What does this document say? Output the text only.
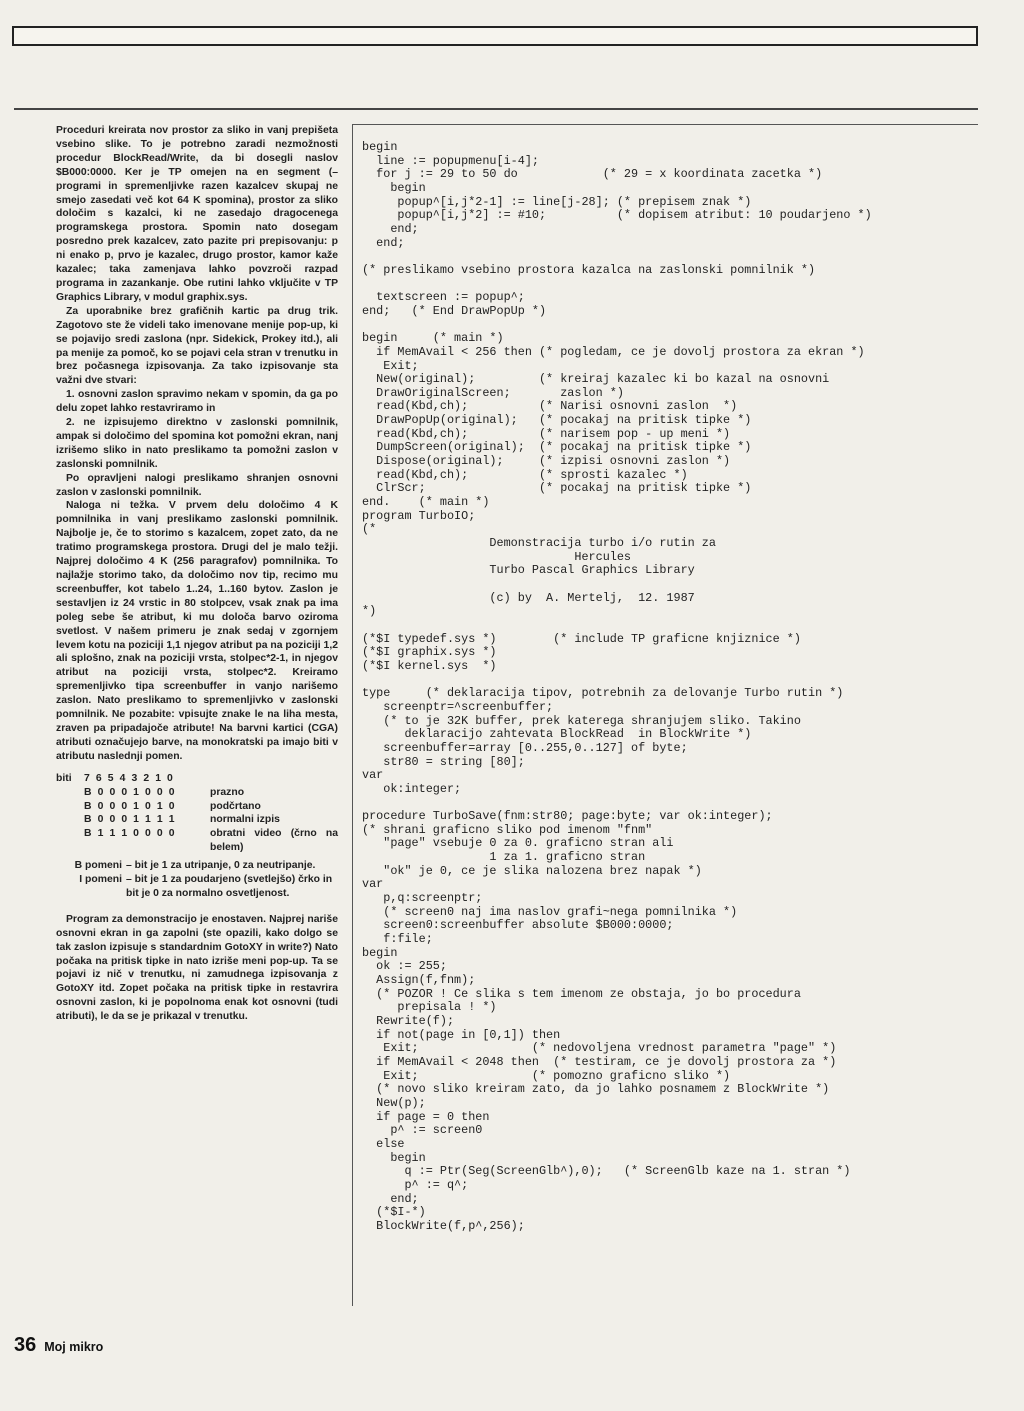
Proceduri kreirata nov prostor za sliko in vanj prepišeta vsebino slike. To je potrebno zaradi nezmožnosti procedur BlockRead/Write, da bi dosegli naslov $B000:0000. Ker je TP omejen na en segment (– programi in spremenljivke razen kazalcev skupaj ne smejo zasedati več kot 64 K spomina), prostor za sliko določim s kazalci, ki ne zasedajo dragocenega programskega prostora. Spomin nato dosegam posredno prek kazalcev, zato pazite pri prepisovanju: p ni enako p, prvo je kazalec, drugo prostor, kamor kaže kazalec; taka zamenjava lahko povzroči razpad programa in zazankanje. Obe rutini lahko vključite v TP Graphics Library, v modul graphix.sys.

Za uporabnike brez grafičnih kartic pa drug trik. Zagotovo ste že videli tako imenovane menije pop-up, ki se pojavijo sredi zaslona (npr. Sidekick, Prokey itd.), ali pa menije za pomoč, ko se pojavi cela stran v trenutku in brez počasnega izpisovanja. Za tako izpisovanje sta važni dve stvari:

1. osnovni zaslon spravimo nekam v spomin, da ga po delu zopet lahko restavriramo in

2. ne izpisujemo direktno v zaslonski pomnilnik, ampak si določimo del spomina kot pomožni ekran, nanj izrišemo sliko in nato preslikamo ta pomožni zaslon v zaslonski pomnilnik.

Po opravljeni nalogi preslikamo shranjen osnovni zaslon v zaslonski pomnilnik.

Naloga ni težka. V prvem delu določimo 4 K pomnilnika in vanj preslikamo zaslonski pomnilnik. Najbolje je, če to storimo s kazalcem, zopet zato, da ne tratimo programskega prostora. Drugi del je malo težji. Najprej določimo 4 K (256 paragrafov) pomnilnika. To najlažje storimo tako, da določimo nov tip, recimo mu screenbuffer, kot tabelo 1..24, 1..160 bytov. Zaslon je sestavljen iz 24 vrstic in 80 stolpcev, vsak znak pa ima poleg sebe še atribut, ki mu določa barvo oziroma svetlost. V našem primeru je znak sedaj v zgornjem levem kotu na poziciji 1,1 njegov atribut pa na poziciji 1,2 ali splošno, znak na poziciji vrsta, stolpec*2-1, in njegov atribut na poziciji vrsta, stolpec*2. Kreiramo spremenljivko tipa screenbuffer in vanjo narišemo zaslon. Nato preslikamo to spremenljivko v zaslonski pomnilnik. Ne pozabite: vpisujte znake le na liha mesta, zraven pa pripadajoče atribute! Na barvni kartici (CGA) atributi označujejo barve, na monokratski pa imajo biti v atributu naslednji pomen.

biti	7 6 5 4 3 2 1 0	
	B 0 0 0 1 0 0 0	prazno
	B 0 0 0 1 0 1 0	podčrtano
	B 0 0 0 1 1 1 1	normalni izpis
	B 1 1 1 0 0 0 0	obratni video (črno na belem)
B pomeni – bit je 1 za utripanje, 0 za neutripanje.
I pomeni – bit je 1 za poudarjeno (svetlejšo) črko in bit je 0 za normalno osvetljenost.

Program za demonstracijo je enostaven. Najprej nariše osnovni ekran in ga zapolni (ste opazili, kako dolgo se tak zaslon izpisuje s standardnim GotoXY in write?) Nato počaka na pritisk tipke in nato izriše meni pop-up. Ta se pojavi iz nič v trenutku, ni zamudnega izpisovanja z GotoXY itd. Zopet počaka na pritisk tipke in restavrira osnovni zaslon, ki je popolnoma enak kot osnovni (tudi atributi), le da se je prikazal v trenutku.

begin
line := popupmenu[i-4];
for j := 29 to 50 do            (* 29 = x koordinata zacetka *)
begin
popup^[i,j*2-1] := line[j-28]; (* prepisem znak *)
popup^[i,j*2] := #10;          (* dopisem atribut: 10 poudarjeno *)
end;
end;

(* preslikamo vsebino prostora kazalca na zaslonski pomnilnik *)

textscreen := popup^;
end;   (* End DrawPopUp *)

begin     (* main *)
if MemAvail < 256 then (* pogledam, ce je dovolj prostora za ekran *)
Exit;
New(original);         (* kreiraj kazalec ki bo kazal na osnovni
DrawOriginalScreen;       zaslon *)
read(Kbd,ch);          (* Narisi osnovni zaslon  *)
DrawPopUp(original);   (* pocakaj na pritisk tipke *)
read(Kbd,ch);          (* narisem pop - up meni *)
DumpScreen(original);  (* pocakaj na pritisk tipke *)
Dispose(original);     (* izpisi osnovni zaslon *)
read(Kbd,ch);          (* sprosti kazalec *)
ClrScr;                (* pocakaj na pritisk tipke *)
end.    (* main *)
program TurboIO;
(*
Demonstracija turbo i/o rutin za
Hercules
Turbo Pascal Graphics Library

(c) by  A. Mertelj,  12. 1987
*)

(*$I typedef.sys *)        (* include TP graficne knjiznice *)
(*$I graphix.sys *)
(*$I kernel.sys  *)

type     (* deklaracija tipov, potrebnih za delovanje Turbo rutin *)
screenptr=^screenbuffer;
(* to je 32K buffer, prek katerega shranjujem sliko. Takino
deklaracijo zahtevata BlockRead  in BlockWrite *)
screenbuffer=array [0..255,0..127] of byte;
str80 = string [80];
var
ok:integer;

procedure TurboSave(fnm:str80; page:byte; var ok:integer);
(* shrani graficno sliko pod imenom "fnm"
"page" vsebuje 0 za 0. graficno stran ali
1 za 1. graficno stran
"ok" je 0, ce je slika nalozena brez napak *)
var
p,q:screenptr;
(* screen0 naj ima naslov grafi~nega pomnilnika *)
screen0:screenbuffer absolute $B000:0000;
f:file;
begin
ok := 255;
Assign(f,fnm);
(* POZOR ! Ce slika s tem imenom ze obstaja, jo bo procedura
prepisala ! *)
Rewrite(f);
if not(page in [0,1]) then
Exit;                (* nedovoljena vrednost parametra "page" *)
if MemAvail < 2048 then  (* testiram, ce je dovolj prostora za *)
Exit;                (* pomozno graficno sliko *)
(* novo sliko kreiram zato, da jo lahko posnamem z BlockWrite *)
New(p);
if page = 0 then
p^ := screen0
else
begin
q := Ptr(Seg(ScreenGlb^),0);   (* ScreenGlb kaze na 1. stran *)
p^ := q^;
end;
(*$I-*)
BlockWrite(f,p^,256);
36 Moj mikro
